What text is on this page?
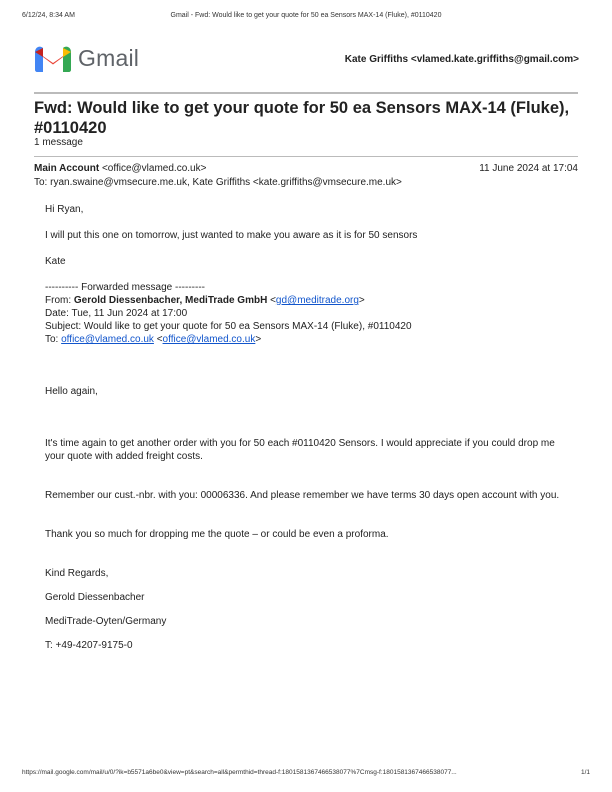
6/12/24, 8:34 AM	Gmail - Fwd: Would like to get your quote for 50 ea Sensors MAX-14 (Fluke), #0110420
Gmail	Kate Griffiths <vlamed.kate.griffiths@gmail.com>
Fwd: Would like to get your quote for 50 ea Sensors MAX-14 (Fluke), #0110420
1 message
Main Account <office@vlamed.co.uk>	11 June 2024 at 17:04
To: ryan.swaine@vmsecure.me.uk, Kate Griffiths <kate.griffiths@vmsecure.me.uk>

Hi Ryan,

I will put this one on tomorrow, just wanted to make you aware as it is for 50 sensors

Kate

---------- Forwarded message ---------

From: Gerold Diessenbacher, MediTrade GmbH <gd@meditrade.org>

Date: Tue, 11 Jun 2024 at 17:00

Subject: Would like to get your quote for 50 ea Sensors MAX-14 (Fluke), #0110420

To: office@vlamed.co.uk <office@vlamed.co.uk>

Hello again,

It's time again to get another order with you for 50 each #0110420 Sensors. I would appreciate if you could drop me your quote with added freight costs.

Remember our cust.-nbr. with you: 00006336. And please remember we have terms 30 days open account with you.

Thank you so much for dropping me the quote – or could be even a proforma.

Kind Regards,

Gerold Diessenbacher

MediTrade-Oyten/Germany

T: +49-4207-9175-0

https://mail.google.com/mail/u/0/?ik=b5571a6be0&view=pt&search=all&permthid=thread-f:1801581367466538077%7Cmsg-f:1801581367466538077...	1/1
